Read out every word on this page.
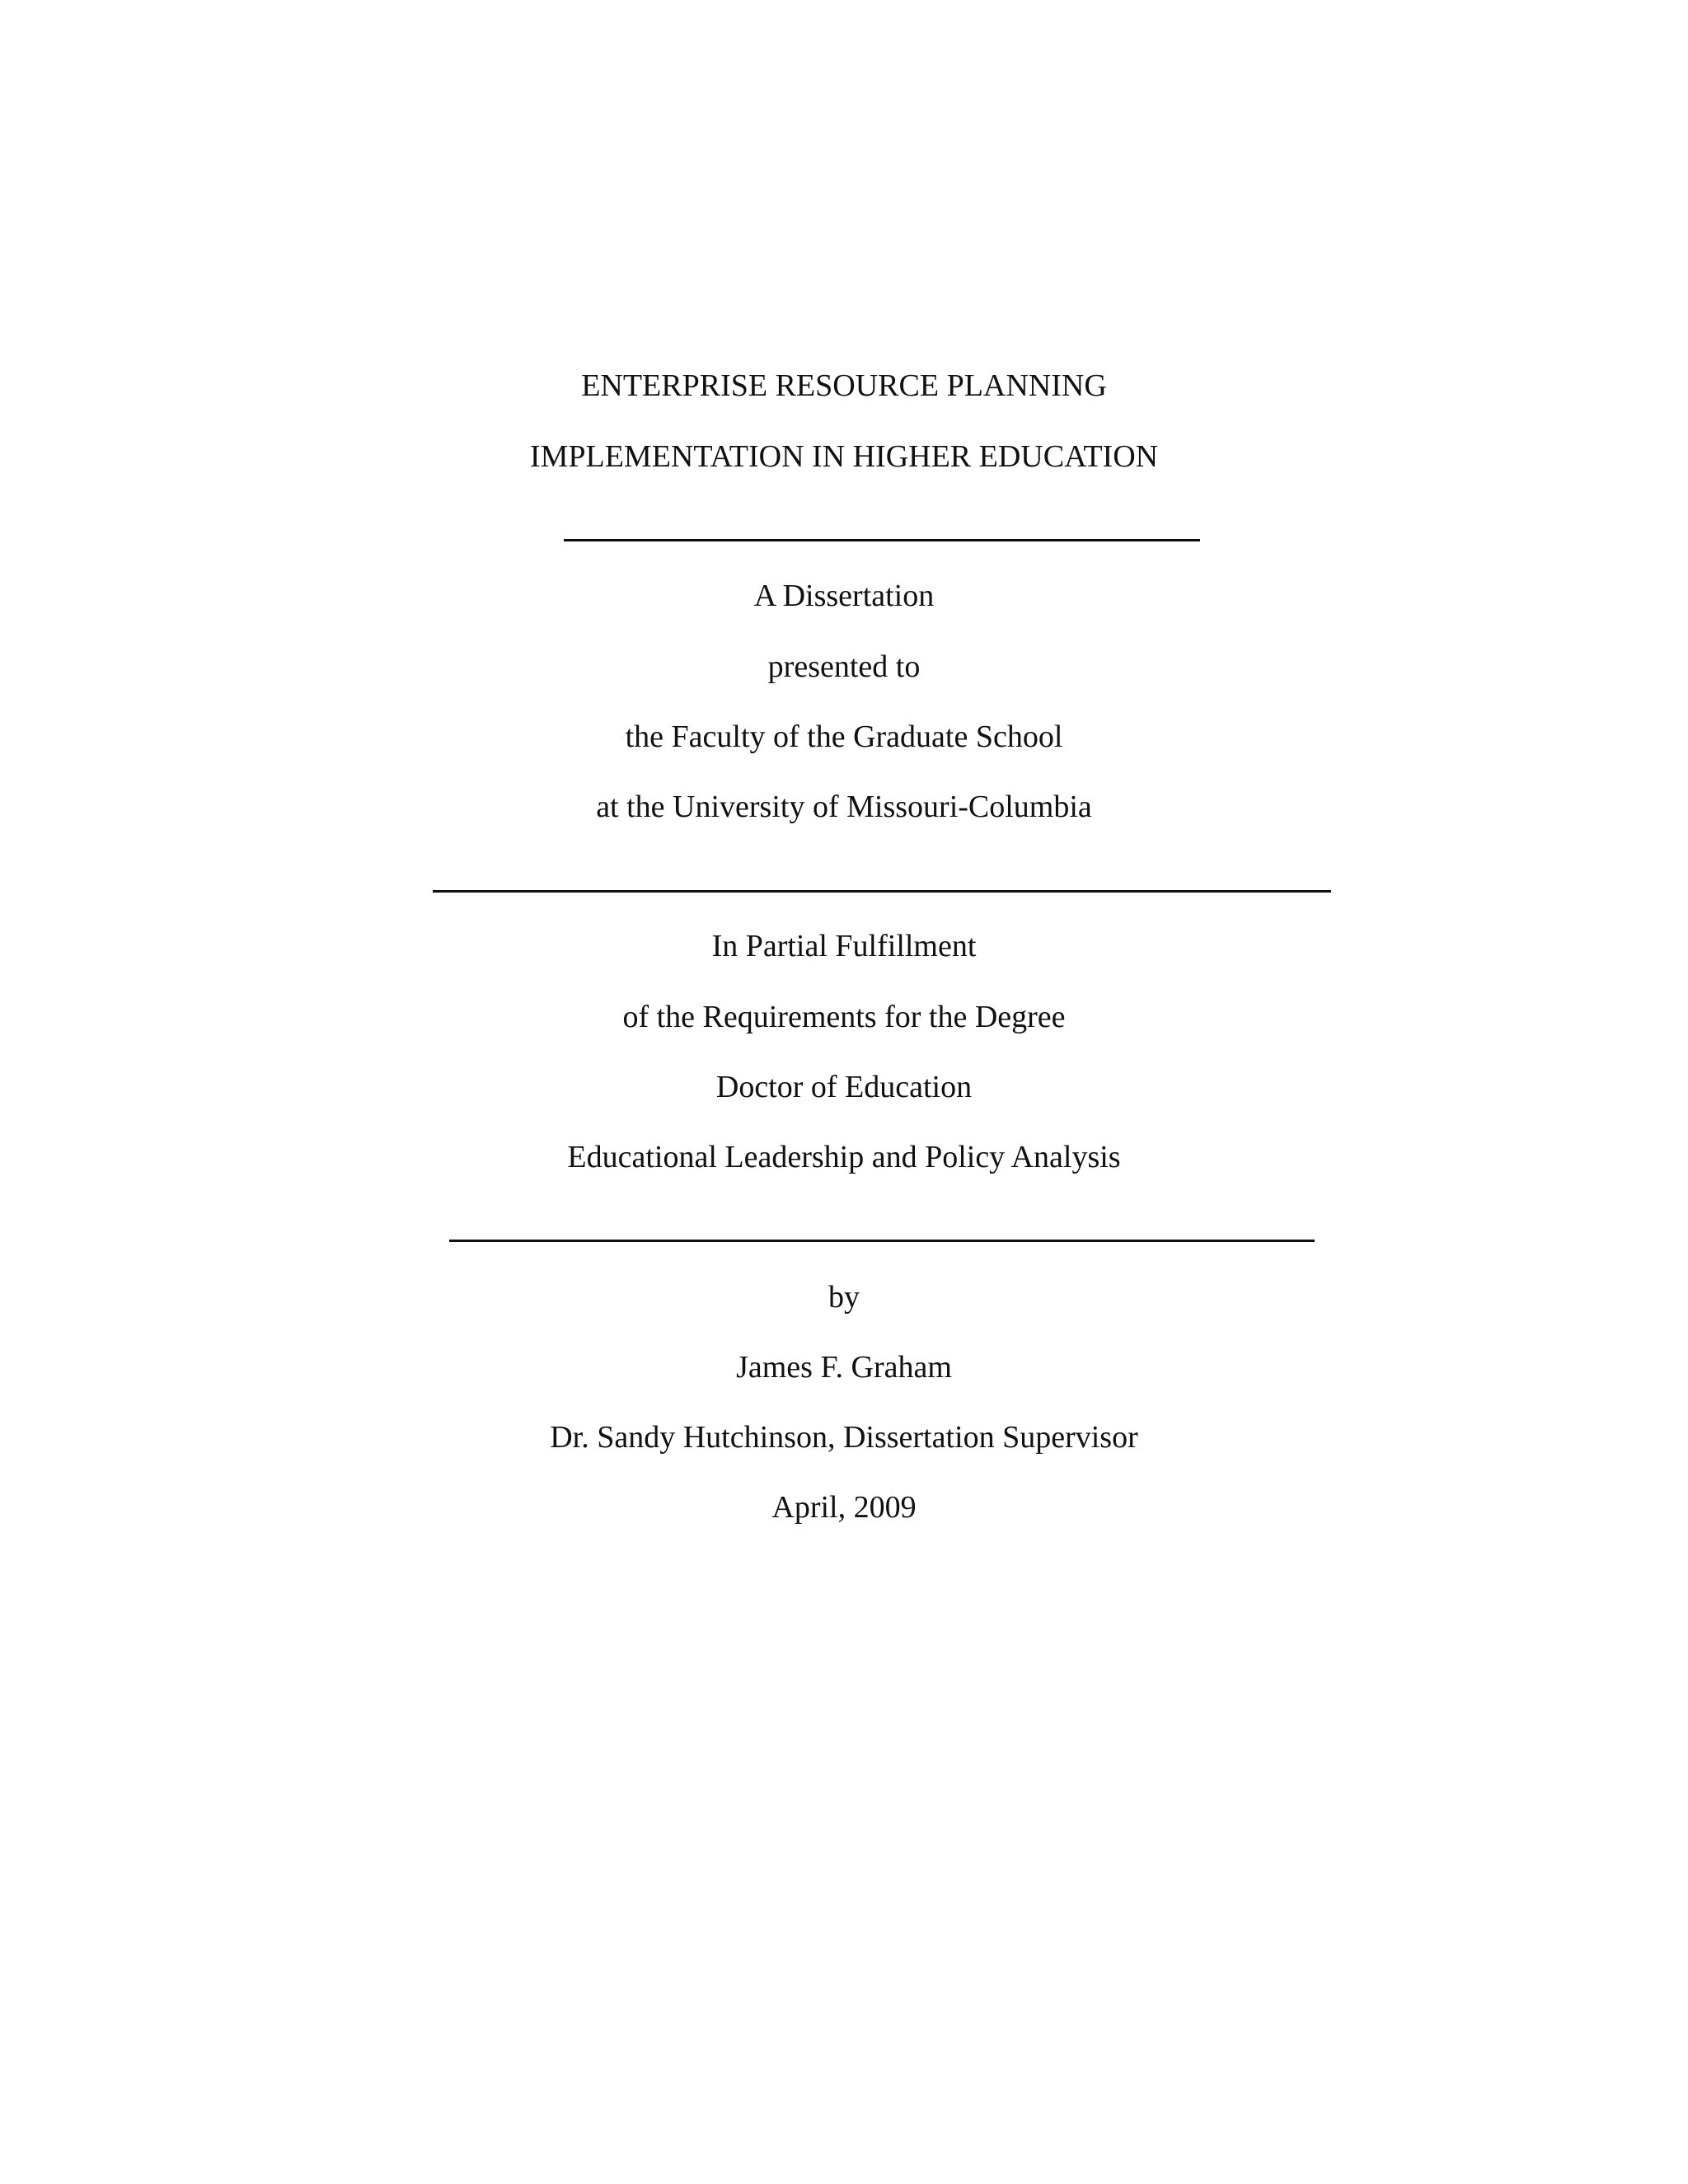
ENTERPRISE RESOURCE PLANNING
IMPLEMENTATION IN HIGHER EDUCATION
A Dissertation
presented to
the Faculty of the Graduate School
at the University of Missouri-Columbia
In Partial Fulfillment
of the Requirements for the Degree
Doctor of Education
Educational Leadership and Policy Analysis
by
James F. Graham
Dr. Sandy Hutchinson, Dissertation Supervisor
April, 2009
